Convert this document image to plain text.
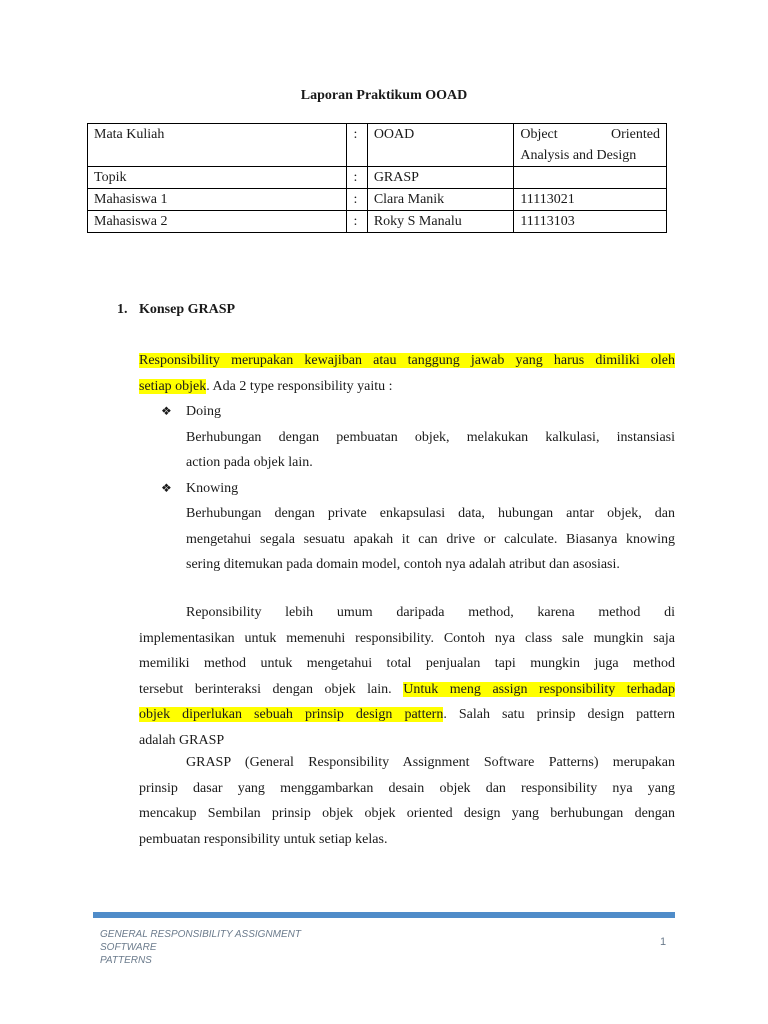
Laporan Praktikum OOAD
Mata Kuliah	:	OOAD	Object Oriented
Analysis and Design

Topik	:	GRASP	
Mahasiswa 1	:	Clara Manik	11113021
Mahasiswa 2	:	Roky S Manalu	11113103
1. Konsep GRASP
Responsibility merupakan kewajiban atau tanggung jawab yang harus dimiliki oleh
setiap objek. Ada 2 type responsibility yaitu :
❖ Doing
Berhubungan dengan pembuatan objek, melakukan kalkulasi, instansiasi
action pada objek lain.
❖ Knowing
Berhubungan dengan private enkapsulasi data, hubungan antar objek, dan
mengetahui segala sesuatu apakah it can drive or calculate. Biasanya knowing
sering ditemukan pada domain model, contoh nya adalah atribut dan asosiasi.
Reponsibility lebih umum daripada method, karena method di
implementasikan untuk memenuhi responsibility. Contoh nya class sale mungkin saja
memiliki method untuk mengetahui total penjualan tapi mungkin juga method
tersebut berinteraksi dengan objek lain. Untuk meng assign responsibility terhadap
objek diperlukan sebuah prinsip design pattern. Salah satu prinsip design pattern
adalah GRASP
GRASP (General Responsibility Assignment Software Patterns) merupakan
prinsip dasar yang menggambarkan desain objek dan responsibility nya yang
mencakup Sembilan prinsip objek objek oriented design yang berhubungan dengan
pembuatan responsibility untuk setiap kelas.
GENERAL RESPONSIBILITY ASSIGNMENT SOFTWARE
PATTERNS
1
